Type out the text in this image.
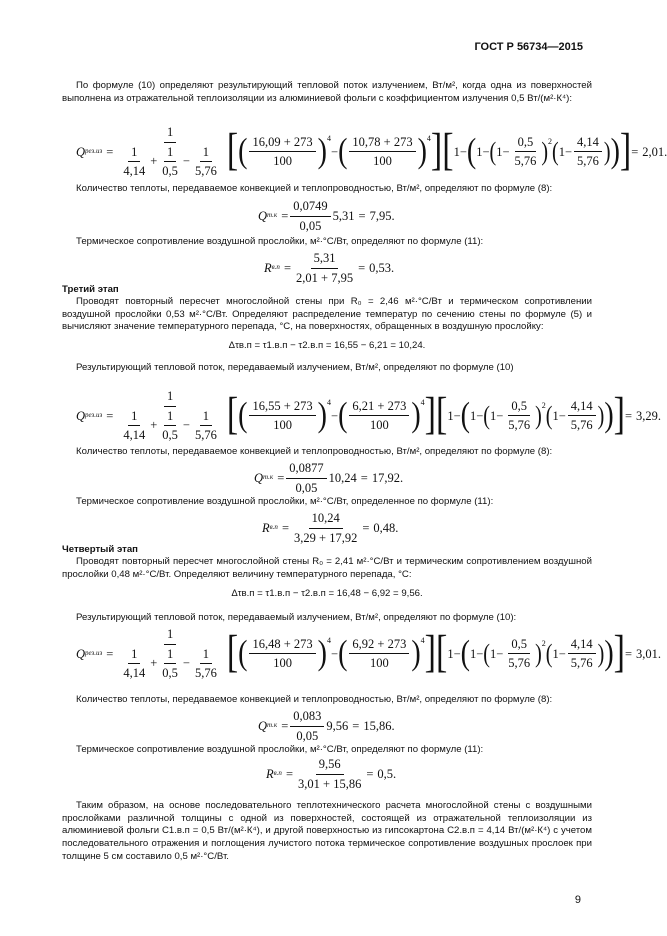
ГОСТ Р 56734—2015
По формуле (10) определяют результирующий тепловой поток излучением, Вт/м², когда одна из поверхностей выполнена из отражательной теплоизоляции из алюминиевой фольги с коэффициентом излучения 0,5 Вт/(м²·К⁴):
Q $рез.из = \frac{1}{\frac{1}{4,14} + \frac{1}{0,5} - \frac{1}{5,76}}$ [ ( $\frac{16,09 + 273}{100} )^4$
− ( $\frac{10,78 + 273}{100} )^4$ ] [ 1 − ( 1 − ( $1 - \frac{0,5}{5,76} )^2$ ( $1 - \frac{4,14}{5,76}$ ) ) ] = 2,01.
Количество теплоты, передаваемое конвекцией и теплопроводностью, Вт/м², определяют по формуле (8):
Q $т.к = \frac{0,0749}{0,05} 5,31 = 7,95$ .
Термическое сопротивление воздушной прослойки, м²·°С/Вт, определяют по формуле (11):
R $в.п = \frac{5,31}{2,01 + 7,95} = 0,53$ .
Третий этап
Проводят повторный пересчет многослойной стены при R₀ = 2,46 м²·°С/Вт и термическом сопротивлении воздушной прослойки 0,53 м²·°С/Вт. Определяют распределение температур по сечению стены по формуле (5) и вычисляют значение температурного перепада, °С, на поверхностях, обращенных в воздушную прослойку:
Δτв.п = τ1.в.п − τ2.в.п = 16,55 − 6,21 = 10,24.
Результирующий тепловой поток, передаваемый излучением, Вт/м², определяют по формуле (10)
Q $рез.из = \frac{1}{\frac{1}{4,14} + \frac{1}{0,5} - \frac{1}{5,76}}$ [ ( $\frac{16,55 + 273}{100} )^4$
− ( $\frac{6,21 + 273}{100} )^4$ ] [ 1 − ( 1 − ( $1 - \frac{0,5}{5,76} )^2$ ( $1 - \frac{4,14}{5,76}$ ) ) ] = 3,29.
Количество теплоты, передаваемое конвекцией и теплопроводностью, Вт/м², определяют по формуле (8):
Q $т.к = \frac{0,0877}{0,05} 10,24 = 17,92$.
Термическое сопротивление воздушной прослойки, м²·°С/Вт, определенное по формуле (11):
R $в.п = \frac{10,24}{3,29 + 17,92} = 0,48$ .
Четвертый этап
Проводят повторный пересчет многослойной стены R₀ = 2,41 м²·°С/Вт и термическим сопротивлением воздушной прослойки 0,48 м²·°С/Вт. Определяют величину температурного перепада, °С:
Δτв.п = τ1.в.п − τ2.в.п = 16,48 − 6,92 = 9,56.
Результирующий тепловой поток, передаваемый излучением, Вт/м², определяют по формуле (10):
Q $рез.из = \frac{1}{\frac{1}{4,14} + \frac{1}{0,5} - \frac{1}{5,76}}$ [ ( $\frac{16,48 + 273}{100} )^4$
− ( $\frac{6,92 + 273}{100} )^4$ ] [ 1 − ( 1 − ( $1 - \frac{0,5}{5,76} )^2$ ( $1 - \frac{4,14}{5,76}$ ) ) ] = 3,01.
Количество теплоты, передаваемое конвекцией и теплопроводностью, Вт/м², определяют по формуле (8):
Q $т.к = \frac{0,083}{0,05} 9,56 = 15,86$.
Термическое сопротивление воздушной прослойки, м²·°С/Вт, определяют по формуле (11):
R $в.п = \frac{9,56}{3,01 + 15,86} = 0,5$ .
Таким образом, на основе последовательного теплотехнического расчета многослойной стены с воздушными прослойками различной толщины с одной из поверхностей, состоящей из отражательной теплоизоляции из алюминиевой фольги С1.в.п = 0,5 Вт/(м²·К⁴), и другой поверхностью из гипсокартона С2.в.п = 4,14 Вт/(м²·К⁴) с учетом последовательного отражения и поглощения лучистого потока термическое сопротивление воздушных прослоек при толщине 5 см составило 0,5 м²·°С/Вт.
9
